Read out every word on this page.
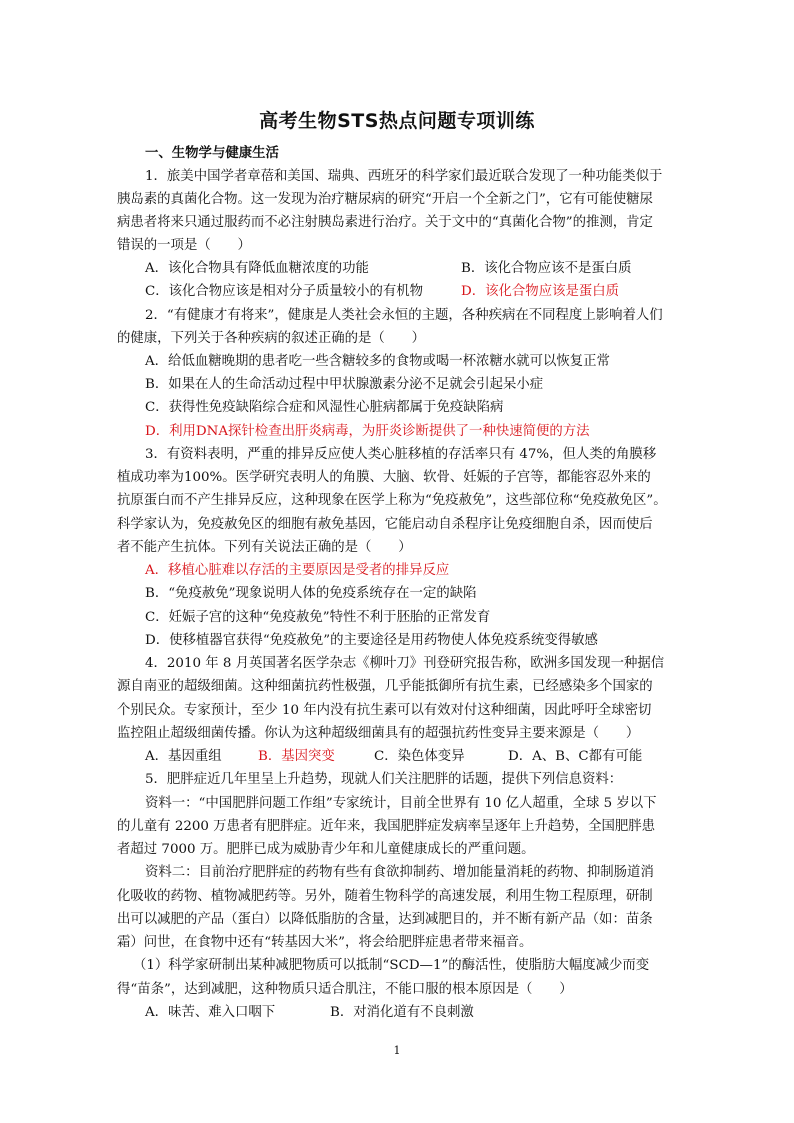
高考生物STS热点问题专项训练
一、生物学与健康生活
1．旅美中国学者章蓓和美国、瑞典、西班牙的科学家们最近联合发现了一种功能类似于
胰岛素的真菌化合物。这一发现为治疗糖尿病的研究“开启一个全新之门”，它有可能使糖尿
病患者将来只通过服药而不必注射胰岛素进行治疗。关于文中的“真菌化合物”的推测，肯定
错误的一项是（　　）
A．该化合物具有降低血糖浓度的功能	B．该化合物应该不是蛋白质
C．该化合物应该是相对分子质量较小的有机物	D．该化合物应该是蛋白质
2．“有健康才有将来”，健康是人类社会永恒的主题，各种疾病在不同程度上影响着人们
的健康，下列关于各种疾病的叙述正确的是（　　）
A．给低血糖晚期的患者吃一些含糖较多的食物或喝一杯浓糖水就可以恢复正常
B．如果在人的生命活动过程中甲状腺激素分泌不足就会引起呆小症
C．获得性免疫缺陷综合症和风湿性心脏病都属于免疫缺陷病
D．利用DNA探针检查出肝炎病毒，为肝炎诊断提供了一种快速简便的方法
3．有资料表明，严重的排异反应使人类心脏移植的存活率只有 47%，但人类的角膜移
植成功率为100%。医学研究表明人的角膜、大脑、软骨、妊娠的子宫等，都能容忍外来的
抗原蛋白而不产生排异反应，这种现象在医学上称为“免疫赦免”，这些部位称“免疫赦免区”。
科学家认为，免疫赦免区的细胞有赦免基因，它能启动自杀程序让免疫细胞自杀，因而使后
者不能产生抗体。下列有关说法正确的是（　　）
A．移植心脏难以存活的主要原因是受者的排异反应
B．“免疫赦免”现象说明人体的免疫系统存在一定的缺陷
C．妊娠子宫的这种“免疫赦免”特性不利于胚胎的正常发育
D．使移植器官获得“免疫赦免”的主要途径是用药物使人体免疫系统变得敏感
4．2010 年 8 月英国著名医学杂志《柳叶刀》刊登研究报告称，欧洲多国发现一种据信
源自南亚的超级细菌。这种细菌抗药性极强，几乎能抵御所有抗生素，已经感染多个国家的
个别民众。专家预计，至少 10 年内没有抗生素可以有效对付这种细菌，因此呼吁全球密切
监控阻止超级细菌传播。你认为这种超级细菌具有的超强抗药性变异主要来源是（　　）
A．基因重组	B．基因突变	C．染色体变异	D．A、B、C都有可能
5．肥胖症近几年里呈上升趋势，现就人们关注肥胖的话题，提供下列信息资料：
资料一：“中国肥胖问题工作组”专家统计，目前全世界有 10 亿人超重，全球 5 岁以下
的儿童有 2200 万患者有肥胖症。近年来，我国肥胖症发病率呈逐年上升趋势，全国肥胖患
者超过 7000 万。肥胖已成为威胁青少年和儿童健康成长的严重问题。
资料二：目前治疗肥胖症的药物有些有食欲抑制药、增加能量消耗的药物、抑制肠道消
化吸收的药物、植物减肥药等。另外，随着生物科学的高速发展，利用生物工程原理，研制
出可以减肥的产品（蛋白）以降低脂肪的含量，达到减肥目的，并不断有新产品（如：苗条
霜）问世，在食物中还有“转基因大米”，将会给肥胖症患者带来福音。
（1）科学家研制出某种减肥物质可以抵制“SCD—1”的酶活性，使脂肪大幅度减少而变
得“苗条”，达到减肥，这种物质只适合肌注，不能口服的根本原因是（　　）
A．味苦、难入口咽下	B．对消化道有不良刺激
1
